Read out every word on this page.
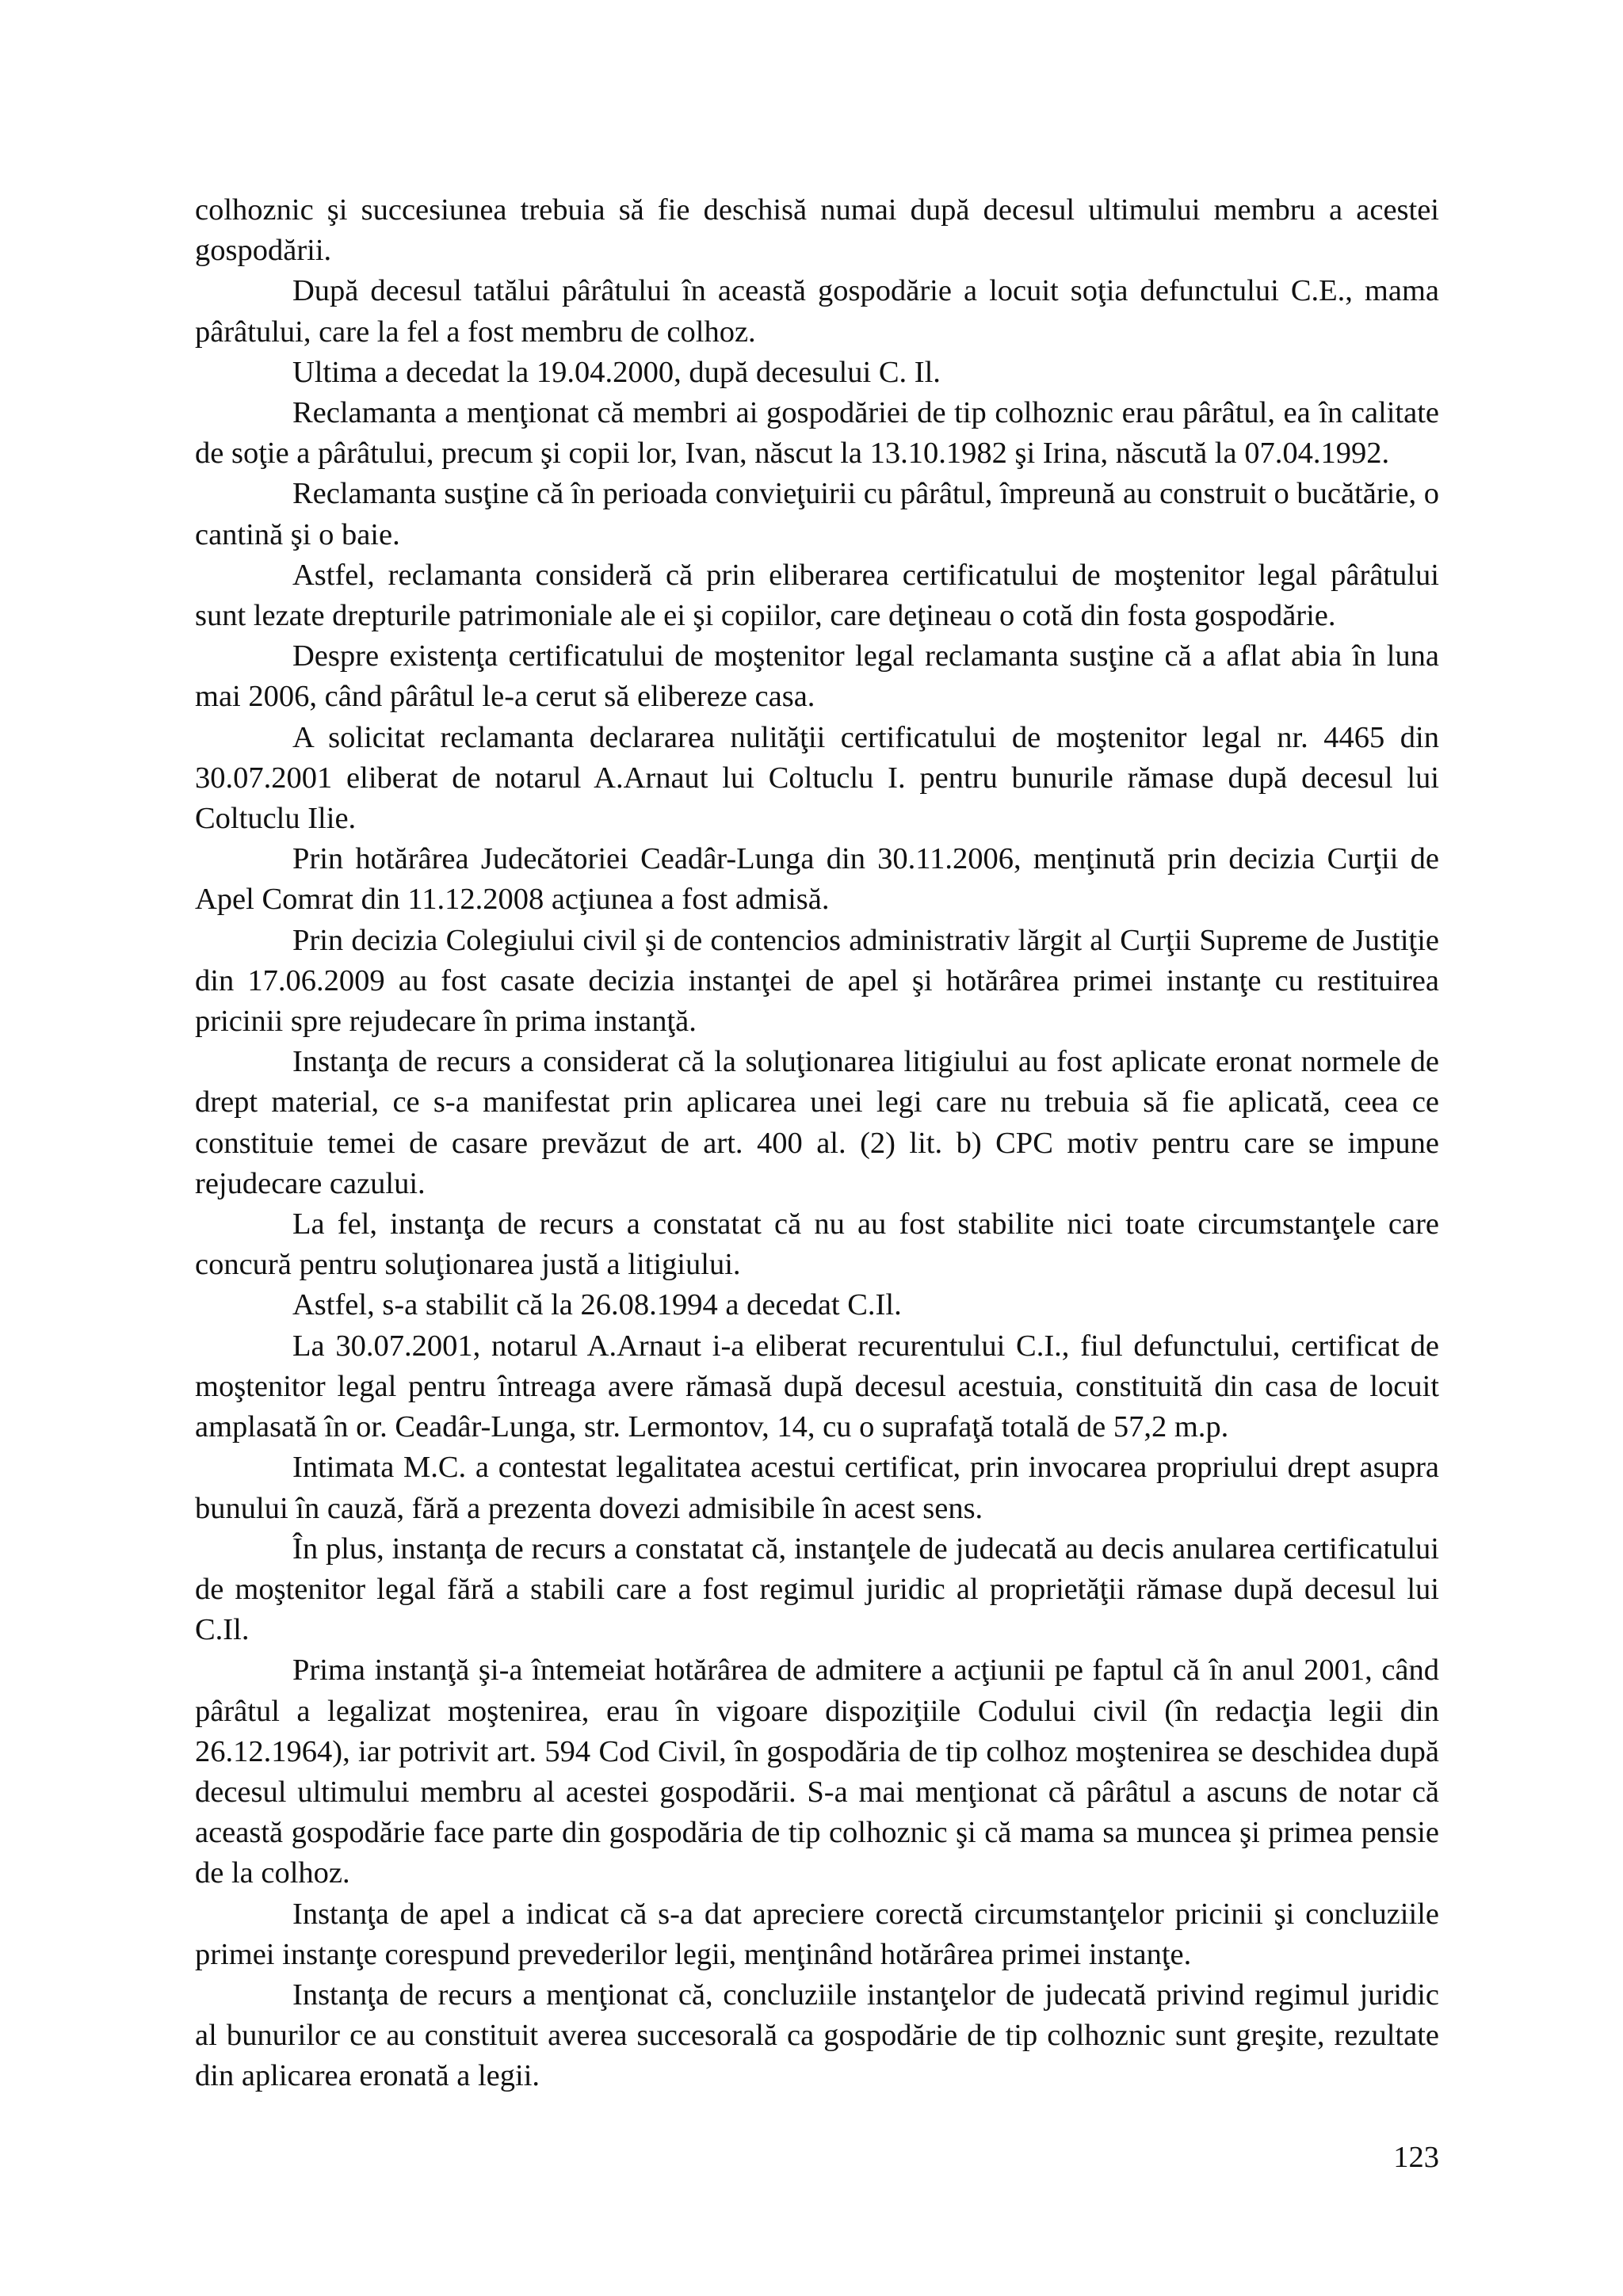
colhoznic şi succesiunea trebuia să fie deschisă numai după decesul ultimului membru a acestei gospodării.

După decesul tatălui pârâtului în această gospodărie a locuit soţia defunctului C.E., mama pârâtului, care la fel a fost membru de colhoz.

Ultima a decedat la 19.04.2000, după decesului C. Il.

Reclamanta a menţionat că membri ai gospodăriei de tip colhoznic erau pârâtul, ea în calitate de soţie a pârâtului, precum şi copii lor, Ivan, născut la 13.10.1982 şi Irina, născută la 07.04.1992.

Reclamanta susţine că în perioada convieţuirii cu pârâtul, împreună au construit o bucătărie, o cantină şi o baie.

Astfel, reclamanta consideră că prin eliberarea certificatului de moştenitor legal pârâtului sunt lezate drepturile patrimoniale ale ei şi copiilor, care deţineau o cotă din fosta gospodărie.

Despre existenţa certificatului de moştenitor legal reclamanta susţine că a aflat abia în luna mai 2006, când pârâtul le-a cerut să elibereze casa.

A solicitat reclamanta declararea nulităţii certificatului de moştenitor legal nr. 4465 din 30.07.2001 eliberat de notarul A.Arnaut lui Coltuclu I. pentru bunurile rămase după decesul lui Coltuclu Ilie.

Prin hotărârea Judecătoriei Ceadâr-Lunga din 30.11.2006, menţinută prin decizia Curţii de Apel Comrat din 11.12.2008 acţiunea a fost admisă.

Prin decizia Colegiului civil şi de contencios administrativ lărgit al Curţii Supreme de Justiţie din 17.06.2009 au fost casate decizia instanţei de apel şi hotărârea primei instanţe cu restituirea pricinii spre rejudecare în prima instanţă.

Instanţa de recurs a considerat că la soluţionarea litigiului au fost aplicate eronat normele de drept material, ce s-a manifestat prin aplicarea unei legi care nu trebuia să fie aplicată, ceea ce constituie temei de casare prevăzut de art. 400 al. (2) lit. b) CPC motiv pentru care se impune rejudecare cazului.

La fel, instanţa de recurs a constatat că nu au fost stabilite nici toate circumstanţele care concură pentru soluţionarea justă a litigiului.

Astfel, s-a stabilit că la 26.08.1994 a decedat C.Il.

La 30.07.2001, notarul A.Arnaut i-a eliberat recurentului C.I., fiul defunctului, certificat de moştenitor legal pentru întreaga avere rămasă după decesul acestuia, constituită din casa de locuit amplasată în or. Ceadâr-Lunga, str. Lermontov, 14, cu o suprafaţă totală de 57,2 m.p.

Intimata M.C. a contestat legalitatea acestui certificat, prin invocarea propriului drept asupra bunului în cauză, fără a prezenta dovezi admisibile în acest sens.

În plus, instanţa de recurs a constatat că, instanţele de judecată au decis anularea certificatului de moştenitor legal fără a stabili care a fost regimul juridic al proprietăţii rămase după decesul lui C.Il.

Prima instanţă şi-a întemeiat hotărârea de admitere a acţiunii pe faptul că în anul 2001, când pârâtul a legalizat moştenirea, erau în vigoare dispoziţiile Codului civil (în redacţia legii din 26.12.1964), iar potrivit art. 594 Cod Civil, în gospodăria de tip colhoz moştenirea se deschidea după decesul ultimului membru al acestei gospodării. S-a mai menţionat că pârâtul a ascuns de notar că această gospodărie face parte din gospodăria de tip colhoznic şi că mama sa muncea şi primea pensie de la colhoz.

Instanţa de apel a indicat că s-a dat apreciere corectă circumstanţelor pricinii şi concluziile primei instanţe corespund prevederilor legii, menţinând hotărârea primei instanţe.

Instanţa de recurs a menţionat că, concluziile instanţelor de judecată privind regimul juridic al bunurilor ce au constituit averea succesorală ca gospodărie de tip colhoznic sunt greşite, rezultate din aplicarea eronată a legii.

123
